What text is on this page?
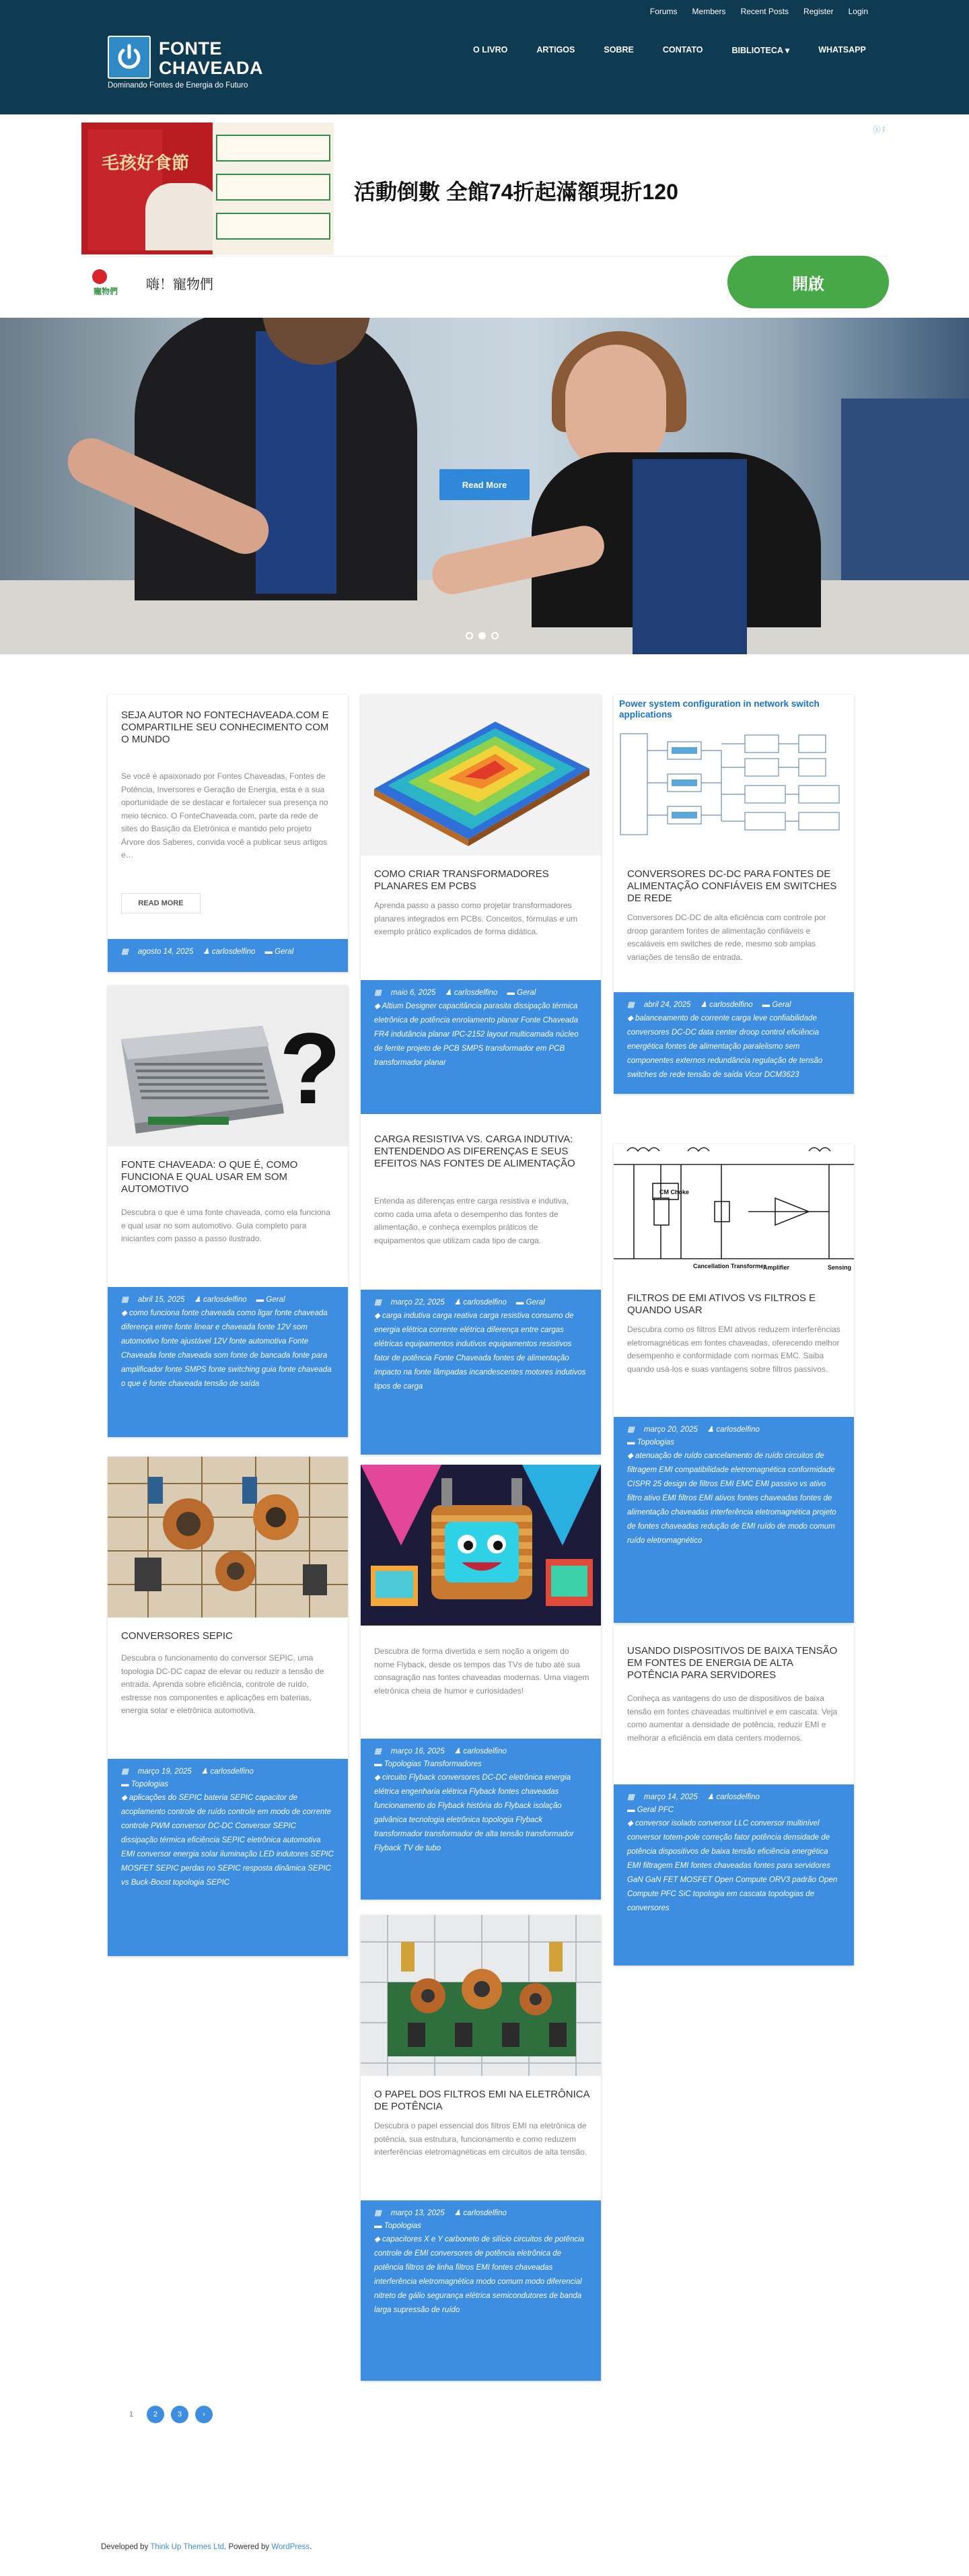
Forums Members Recent Posts Register Login
FONTE
CHAVEADA
Dominando Fontes de Energia do Futuro
O LIVRO	ARTIGOS	SOBRE	CONTATO	BIBLIOTECA ▾	WHATSAPP
ⓘ ⁝
毛孩好食節
活動倒數 全館74折起滿額現折120
寵物們 嗨！寵物們	開啟
Read More
SEJA AUTOR NO FONTECHAVEADA.COM E COMPARTILHE SEU CONHECIMENTO COM O MUNDO
Se você é apaixonado por Fontes Chaveadas, Fontes de Potência, Inversores e Geração de Energia, esta é a sua oportunidade de se destacar e fortalecer sua presença no meio técnico. O FonteChaveada.com, parte da rede de sites do Basição da Eletrônica e mantido pelo projeto Árvore dos Saberes, convida você a publicar seus artigos e…
READ MORE
▦ agosto 14, 2025 ♟ carlosdelfino ▬ Geral
?
FONTE CHAVEADA: O QUE É, COMO FUNCIONA E QUAL USAR EM SOM AUTOMOTIVO
Descubra o que é uma fonte chaveada, como ela funciona e qual usar no som automotivo. Guia completo para iniciantes com passo a passo ilustrado.
▦ abril 15, 2025 ♟ carlosdelfino ▬ Geral
◆ como funciona fonte chaveada como ligar fonte chaveada diferença entre fonte linear e chaveada fonte 12V som automotivo fonte ajustável 12V fonte automotiva Fonte Chaveada fonte chaveada som fonte de bancada fonte para amplificador fonte SMPS fonte switching guia fonte chaveada o que é fonte chaveada tensão de saída
CONVERSORES SEPIC
Descubra o funcionamento do conversor SEPIC, uma topologia DC-DC capaz de elevar ou reduzir a tensão de entrada. Aprenda sobre eficiência, controle de ruído, estresse nos componentes e aplicações em baterias, energia solar e eletrônica automotiva.
▦ março 19, 2025 ♟ carlosdelfino
▬ Topologias
◆ aplicações do SEPIC bateria SEPIC capacitor de acoplamento controle de ruído controle em modo de corrente controle PWM conversor DC-DC Conversor SEPIC dissipação térmica eficiência SEPIC eletrônica automotiva EMI conversor energia solar iluminação LED indutores SEPIC MOSFET SEPIC perdas no SEPIC resposta dinâmica SEPIC vs Buck-Boost topologia SEPIC
COMO CRIAR TRANSFORMADORES PLANARES EM PCBS
Aprenda passo a passo como projetar transformadores planares integrados em PCBs. Conceitos, fórmulas e um exemplo prático explicados de forma didática.
▦ maio 6, 2025 ♟ carlosdelfino ▬ Geral
◆ Altium Designer capacitância parasita dissipação térmica eletrônica de potência enrolamento planar Fonte Chaveada FR4 indutância planar IPC-2152 layout multicamada núcleo de ferrite projeto de PCB SMPS transformador em PCB transformador planar
CARGA RESISTIVA VS. CARGA INDUTIVA: ENTENDENDO AS DIFERENÇAS E SEUS EFEITOS NAS FONTES DE ALIMENTAÇÃO
Entenda as diferenças entre carga resistiva e indutiva, como cada uma afeta o desempenho das fontes de alimentação, e conheça exemplos práticos de equipamentos que utilizam cada tipo de carga.
▦ março 22, 2025 ♟ carlosdelfino ▬ Geral
◆ carga indutiva carga reativa carga resistiva consumo de energia elétrica corrente elétrica diferença entre cargas elétricas equipamentos indutivos equipamentos resistivos fator de potência Fonte Chaveada fontes de alimentação impacto na fonte lâmpadas incandescentes motores indutivos tipos de carga
Descubra de forma divertida e sem noção a origem do nome Flyback, desde os tempos das TVs de tubo até sua consagração nas fontes chaveadas modernas. Uma viagem eletrônica cheia de humor e curiosidades!
▦ março 16, 2025 ♟ carlosdelfino
▬ Topologias Transformadores
◆ circuito Flyback conversores DC-DC eletrônica energia elétrica engenharia elétrica Flyback fontes chaveadas funcionamento do Flyback história do Flyback isolação galvânica tecnologia eletrônica topologia Flyback transformador transformador de alta tensão transformador Flyback TV de tubo
O PAPEL DOS FILTROS EMI NA ELETRÔNICA DE POTÊNCIA
Descubra o papel essencial dos filtros EMI na eletrônica de potência, sua estrutura, funcionamento e como reduzem interferências eletromagnéticas em circuitos de alta tensão.
▦ março 13, 2025 ♟ carlosdelfino
▬ Topologias
◆ capacitores X e Y carboneto de silício circuitos de potência controle de EMI conversores de potência eletrônica de potência filtros de linha filtros EMI fontes chaveadas interferência eletromagnética modo comum modo diferencial nitreto de gálio segurança elétrica semicondutores de banda larga supressão de ruído
Power system configuration in network switch applications
CONVERSORES DC-DC PARA FONTES DE ALIMENTAÇÃO CONFIÁVEIS EM SWITCHES DE REDE
Conversores DC-DC de alta eficiência com controle por droop garantem fontes de alimentação confiáveis e escaláveis em switches de rede, mesmo sob amplas variações de tensão de entrada.
▦ abril 24, 2025 ♟ carlosdelfino ▬ Geral
◆ balanceamento de corrente carga leve confiabilidade conversores DC-DC data center droop control eficiência energética fontes de alimentação paralelismo sem componentes externos redundância regulação de tensão switches de rede tensão de saída Vicor DCM3623
CM Choke
Cancellation Transformer
Amplifier	Sensing
FILTROS DE EMI ATIVOS VS FILTROS E QUANDO USAR
Descubra como os filtros EMI ativos reduzem interferências eletromagnéticas em fontes chaveadas, oferecendo melhor desempenho e conformidade com normas EMC. Saiba quando usá-los e suas vantagens sobre filtros passivos.
▦ março 20, 2025 ♟ carlosdelfino
▬ Topologias
◆ atenuação de ruído cancelamento de ruído circuitos de filtragem EMI compatibilidade eletromagnética conformidade CISPR 25 design de filtros EMI EMC EMI passivo vs ativo filtro ativo EMI filtros EMI ativos fontes chaveadas fontes de alimentação chaveadas interferência eletromagnética projeto de fontes chaveadas redução de EMI ruído de modo comum ruído eletromagnético
USANDO DISPOSITIVOS DE BAIXA TENSÃO EM FONTES DE ENERGIA DE ALTA POTÊNCIA PARA SERVIDORES
Conheça as vantagens do uso de dispositivos de baixa tensão em fontes chaveadas multinível e em cascata. Veja como aumentar a densidade de potência, reduzir EMI e melhorar a eficiência em data centers modernos.
▦ março 14, 2025 ♟ carlosdelfino
▬ Geral PFC
◆ conversor isolado conversor LLC conversor multinível conversor totem-pole correção fator potência densidade de potência dispositivos de baixa tensão eficiência energética EMI filtragem EMI fontes chaveadas fontes para servidores GaN GaN FET MOSFET Open Compute ORV3 padrão Open Compute PFC SiC topologia em cascata topologias de conversores
1	2	3	›
Developed by Think Up Themes Ltd. Powered by WordPress.
